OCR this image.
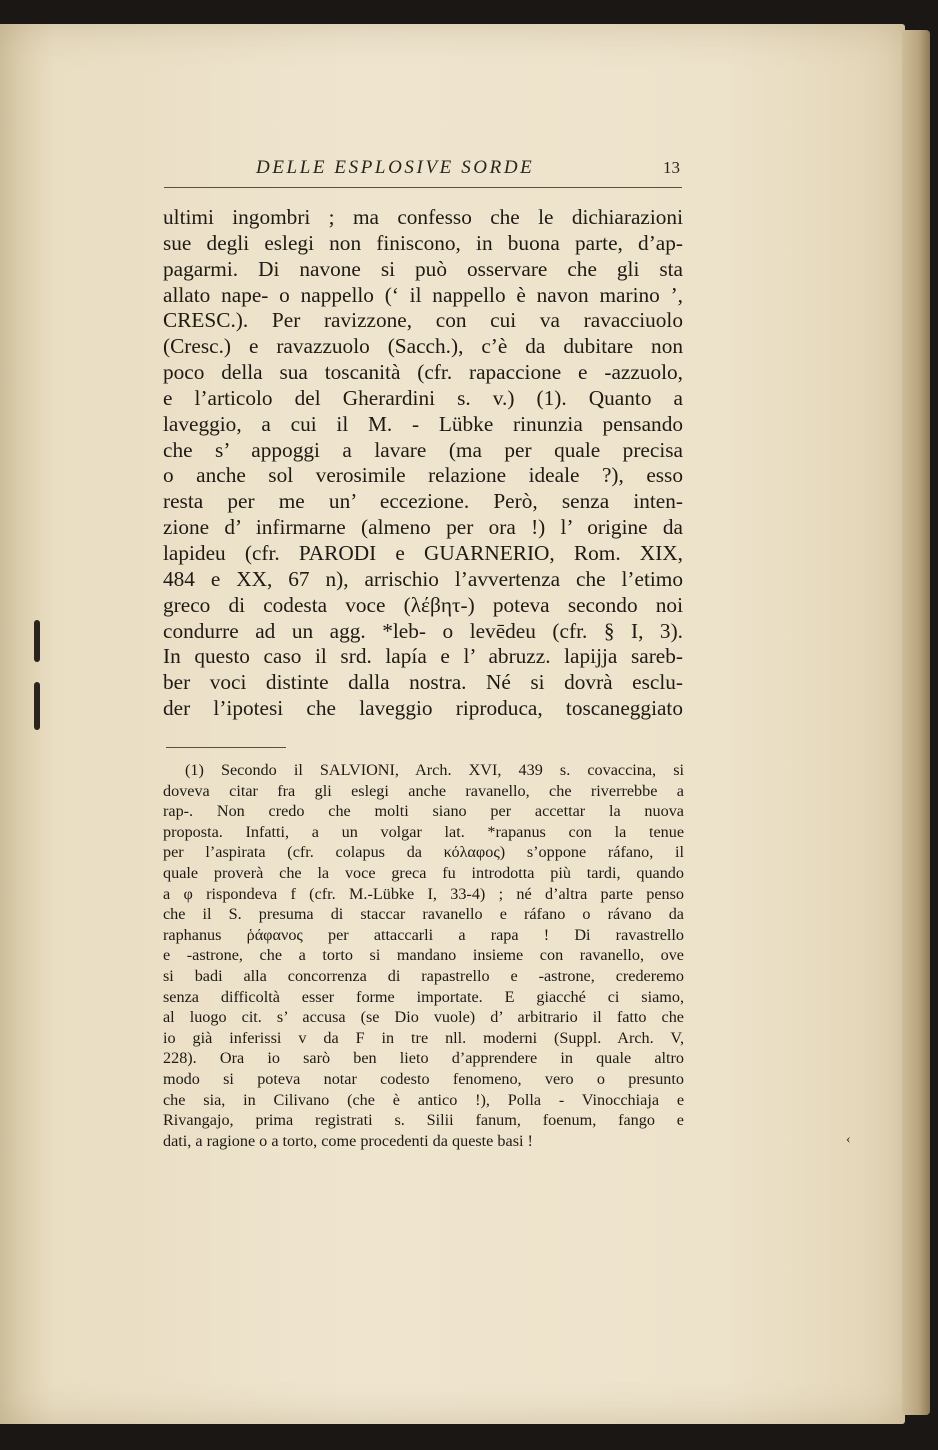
DELLE ESPLOSIVE SORDE	13
ultimi ingombri ; ma confesso che le dichiarazioni
sue degli eslegi non finiscono, in buona parte, d’ap-
pagarmi. Di navone si può osservare che gli sta
allato nape- o nappello (‘ il nappello è navon marino ’,
CRESC.). Per ravizzone, con cui va ravacciuolo
(Cresc.) e ravazzuolo (Sacch.), c’è da dubitare non
poco della sua toscanità (cfr. rapaccione e -azzuolo,
e l’articolo del Gherardini s. v.) (1). Quanto a
laveggio, a cui il M. - Lübke rinunzia pensando
che s’ appoggi a lavare (ma per quale precisa
o anche sol verosimile relazione ideale ?), esso
resta per me un’ eccezione. Però, senza inten-
zione d’ infirmarne (almeno per ora !) l’ origine da
lapideu (cfr. PARODI e GUARNERIO, Rom. XIX,
484 e XX, 67 n), arrischio l’avvertenza che l’etimo
greco di codesta voce (λέβητ-) poteva secondo noi
condurre ad un agg. *leb- o levēdeu (cfr. § I, 3).
In questo caso il srd. lapía e l’ abruzz. lapijja sareb-
ber voci distinte dalla nostra. Né si dovrà esclu-
der l’ipotesi che laveggio riproduca, toscaneggiato
(1) Secondo il SALVIONI, Arch. XVI, 439 s. covaccina, si
doveva citar fra gli eslegi anche ravanello, che riverrebbe a
rap-. Non credo che molti siano per accettar la nuova
proposta. Infatti, a un volgar lat. *rapanus con la tenue
per l’aspirata (cfr. colapus da κόλαφος) s’oppone ráfano, il
quale proverà che la voce greca fu introdotta più tardi, quando
a φ rispondeva f (cfr. M.-Lübke I, 33-4) ; né d’altra parte penso
che il S. presuma di staccar ravanello e ráfano o rávano da
raphanus ῥάφανος per attaccarli a rapa ! Di ravastrello
e -astrone, che a torto si mandano insieme con ravanello, ove
si badi alla concorrenza di rapastrello e -astrone, crederemo
senza difficoltà esser forme importate. E giacché ci siamo,
al luogo cit. s’ accusa (se Dio vuole) d’ arbitrario il fatto che
io già inferissi v da F in tre nll. moderni (Suppl. Arch. V,
228). Ora io sarò ben lieto d’apprendere in quale altro
modo si poteva notar codesto fenomeno, vero o presunto
che sia, in Cilivano (che è antico !), Polla - Vinocchiaja e
Rivangajo, prima registrati s. Silii fanum, foenum, fango e
dati, a ragione o a torto, come procedenti da queste basi !	‹
